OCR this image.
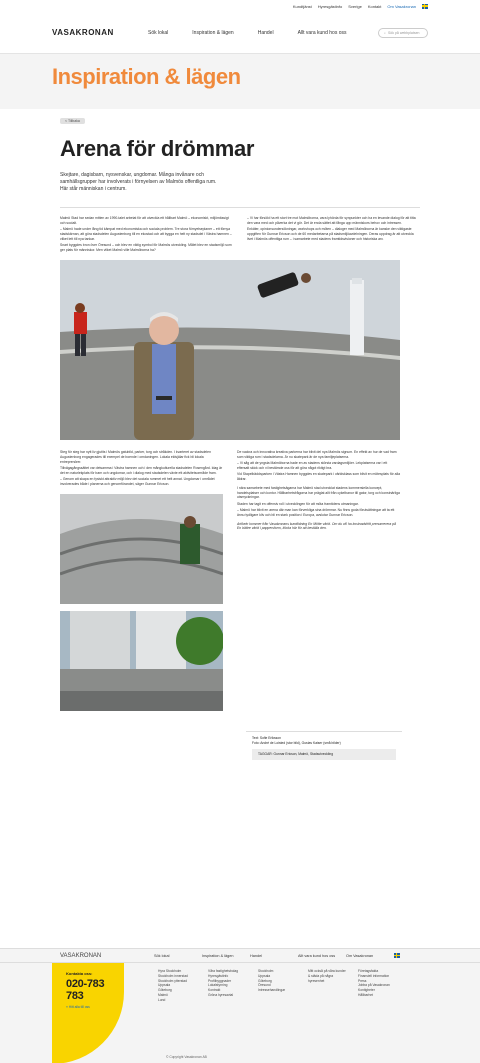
Kundtjänst Hyresgästinfo Sverige Kontakt Om Vasakronan
VASAKRONAN	Sök lokal	Inspiration & lägen	Handel	Allt vara kund hos oss	⌕ Sök på webbplatsen
Inspiration & lägen
< Tillbaka
Arena för drömmar

Skejtare, dagisbarn, nysvenskar, ungdomar. Många invånare och samhällsgrupper har involverats i förnyelsen av Malmös offentliga rum. Här står människan i centrum.

Malmö Stad har sedan mitten av 1990-talet arbetat för att utveckla ett hållbart Malmö – ekonomiskt, miljömässigt och socialt.

– Malmö hade under lång tid kämpat med ekonomiska och sociala problem. Tre stora förnyelseplaner – ett förnya stadskärnan, att göra stadsdelen Augustenborg till en ekostad och att bygga en helt ny stadsdel i Västra hamnen – vilket lett till nya tankar.

Snart byggdes bron över Öresund – och blev en viktig symbol för Malmös utveckling. Målet blev en stadsmiljö som ger plats för människor. Men vilket Malmö ville Malmöborna ha?

– Vi har försökt ha ett stort tre mot Malmöborna, vara lyhörda för synpunkter och ha en levande dialog för att titta den vara med och påverka det vi gör. Det är enda sättet att fånga upp människors behov och intressen.

Enkäter, opinionsundersökningar, workshops och möten – dialoger med Malmöborna är kanske den viktigaste uppgiften för Gunnar Ericson och de 60 medarbetarna på stadsmiljöavdelningen. Deras uppdrag är att utveckla livet i Malmös offentliga rum – i samarbete med stadens framtidsvisioner och historiska arv.

Steg för steg har nytt liv gjutits i Malmös gatubild, parker, torg och stråkden. I kvarteret av stadsdelen Augustenborg engagerades till exempel de boende i omdaningen. Lokala eldsjälar fick bli lokala entreprenörer.

Tillvägagångssättet var detsamma i Västra hamnen och i den mångkulturella stadsdelen Rosengård. Idag är det en naturlekplats för barn och ungdomar, och i dialog med stadsdelen växte ett aktivitetsområde fram.

– Genom att skapa en fysiskt attraktiv miljö blev det sociala rummet ett helt annat. Ungdomar i området involverades både i planerna och genomförandet, säger Gunnar Ericson.

De vackra och innovativa kreativa parkerna har blivit del nya Malmös signum. En effekt av hur de vad fram som viktiga rum i stadsdelarna. Är nu skatepark är de nya familjeplatserna.

– Vi såg att de yngsta Malmöborna hade en av stadens största vardagsmiljöer. Lekplatserna var i ett eftersatt skick och vi bestämde oss för att göra något riktigt bra.

Vid Stapelbäddsparken i Västra Hamnen byggdes en skatepark i världsklass som blivit en mötesplats för alla åldrar.

I nära samarbete med fastighetsägarna har Malmö stad utvecklat stadens kommersiella koncept, handelsplatser och kontor. Hållbarhetsfrågorna har präglat allt från cykelbanor till gator, torg och konstnärliga utsmyckningar.

Staden har tagit en offensiv roll i utvecklingen för att möta framtidens utmaningar.

– Malmö har blivit en arena där man kan förverkliga sina drömmar. Nu finns goda förutsättningar att ta ett ännu tydligare kliv och bli en stark position i Europa, avslutar Gunnar Ericson.

Artikeln kommer från Vasakronans kundtidning En Mötte värld. Om du vill ha kostnadsfritt prenumerera på En bättre värld i pappersform, klicka här för att beställa den.

Text: Sofie Eriksson
Foto: André de Loisted (stor bild), Gustav Kaiser (små bilder)
TAGGAR: Gunnar Ericson, Malmö, Stadsutveckling
VASAKRONAN	Sök lokal	Inspiration & lägen	Handel	Allt vara kund hos oss	Om Vasakronan
Kontakta oss:
020-783 783
» Hitt alla till oss
Hyra Stockholm
Stockholm innerstad
Stockholm ytterstad
Uppsala
Göteborg
Malmö
Lund
Våra fastighetsbolag
Hyresgästinfo
Profilbyggnader
Lokalstyrning
Kontrakt
Gröna hyresavtal
Stockholm
Uppsala
Göteborg
Öresund
Intressehandlingar
Mitt också på våra kunder
& städa på några hyresenhet
Företagsfakta
Finansiell information
Press
Jobba på Vasakronan
Kontigheter
Hållbarhet
© Copyright Vasakronan AB
